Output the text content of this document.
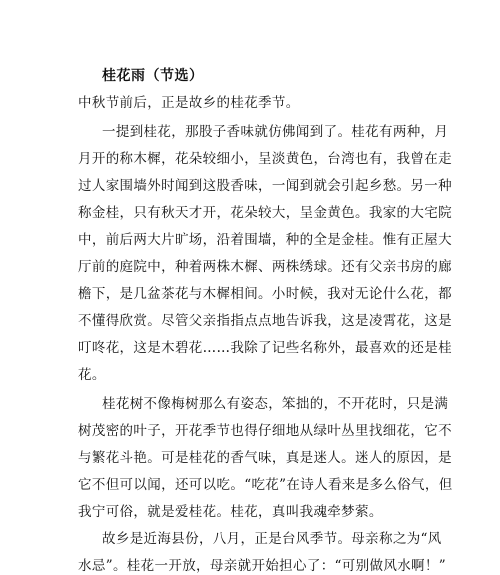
桂花雨（节选）
中秋节前后，正是故乡的桂花季节。
一提到桂花，那股子香味就仿佛闻到了。桂花有两种，月
月开的称木樨，花朵较细小，呈淡黄色，台湾也有，我曾在走
过人家围墙外时闻到这股香味，一闻到就会引起乡愁。另一种
称金桂，只有秋天才开，花朵较大，呈金黄色。我家的大宅院
中，前后两大片旷场，沿着围墙，种的全是金桂。惟有正屋大
厅前的庭院中，种着两株木樨、两株绣球。还有父亲书房的廊
檐下，是几盆茶花与木樨相间。小时候，我对无论什么花，都
不懂得欣赏。尽管父亲指指点点地告诉我，这是凌霄花，这是
叮咚花，这是木碧花……我除了记些名称外，最喜欢的还是桂
花。
桂花树不像梅树那么有姿态，笨拙的，不开花时，只是满
树茂密的叶子，开花季节也得仔细地从绿叶丛里找细花，它不
与繁花斗艳。可是桂花的香气味，真是迷人。迷人的原因，是
它不但可以闻，还可以吃。“吃花”在诗人看来是多么俗气，但
我宁可俗，就是爱桂花。桂花，真叫我魂牵梦萦。
故乡是近海县份，八月，正是台风季节。母亲称之为“风
水忌”。桂花一开放，母亲就开始担心了：“可别做风水啊！”
